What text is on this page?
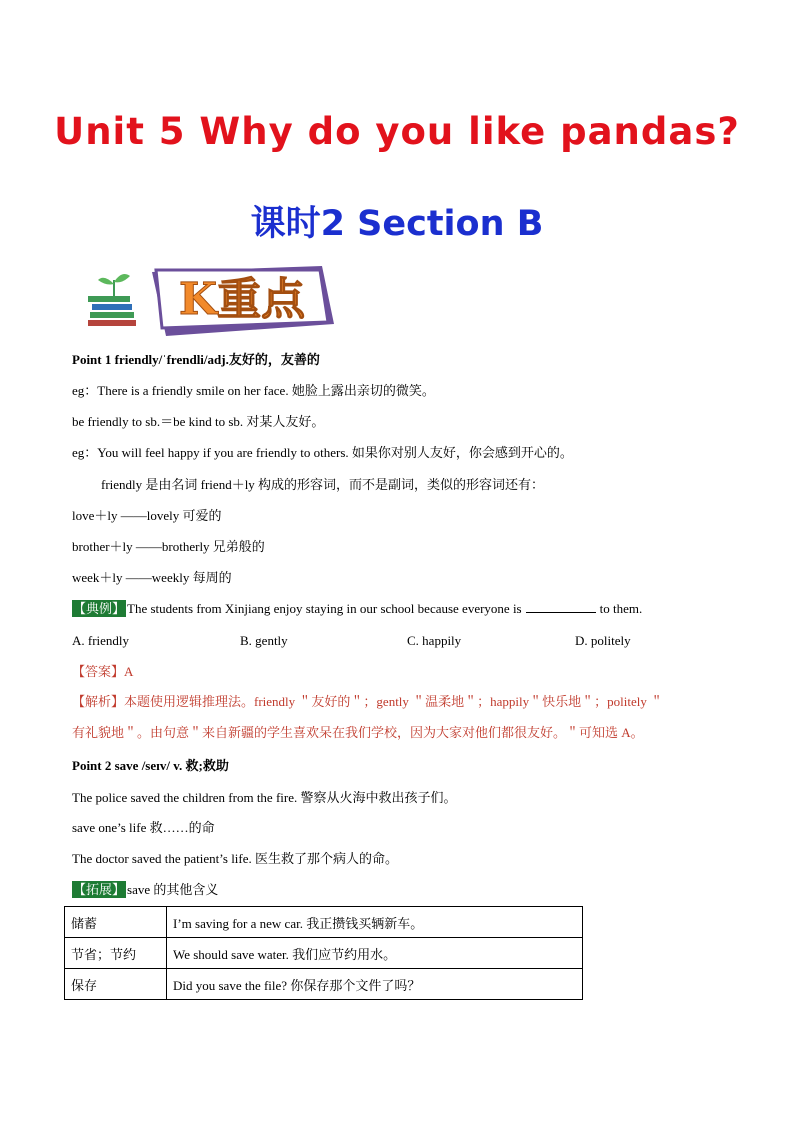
Unit 5 Why do you like pandas?
课时2 Section B
K重点
Point 1 friendly/ˈfrendli/adj.友好的，友善的
eg：There is a friendly smile on her face. 她脸上露出亲切的微笑。
be friendly to sb.＝be kind to sb. 对某人友好。
eg：You will feel happy if you are friendly to others. 如果你对别人友好，你会感到开心的。
friendly 是由名词 friend＋ly 构成的形容词，而不是副词，类似的形容词还有：
love＋ly ——lovely 可爱的
brother＋ly ——brotherly 兄弟般的
week＋ly ——weekly 每周的
【典例】 The students from Xinjiang enjoy staying in our school because everyone is	to them.
A. friendly	B. gently	C. happily	D. politely
【答案】A
【解析】本题使用逻辑推理法。friendly ＂友好的＂；gently ＂温柔地＂；happily＂快乐地＂；politely ＂
有礼貌地＂。由句意＂来自新疆的学生喜欢呆在我们学校，因为大家对他们都很友好。＂可知选 A。
Point 2 save /seɪv/ v. 救;救助
The police saved the children from the fire. 警察从火海中救出孩子们。
save one’s life 救……的命
The doctor saved the patient’s life. 医生救了那个病人的命。
【拓展】 save 的其他含义
储蓄	I’m saving for a new car. 我正攒钱买辆新车。
节省；节约	We should save water. 我们应节约用水。
保存	Did you save the file? 你保存那个文件了吗？
